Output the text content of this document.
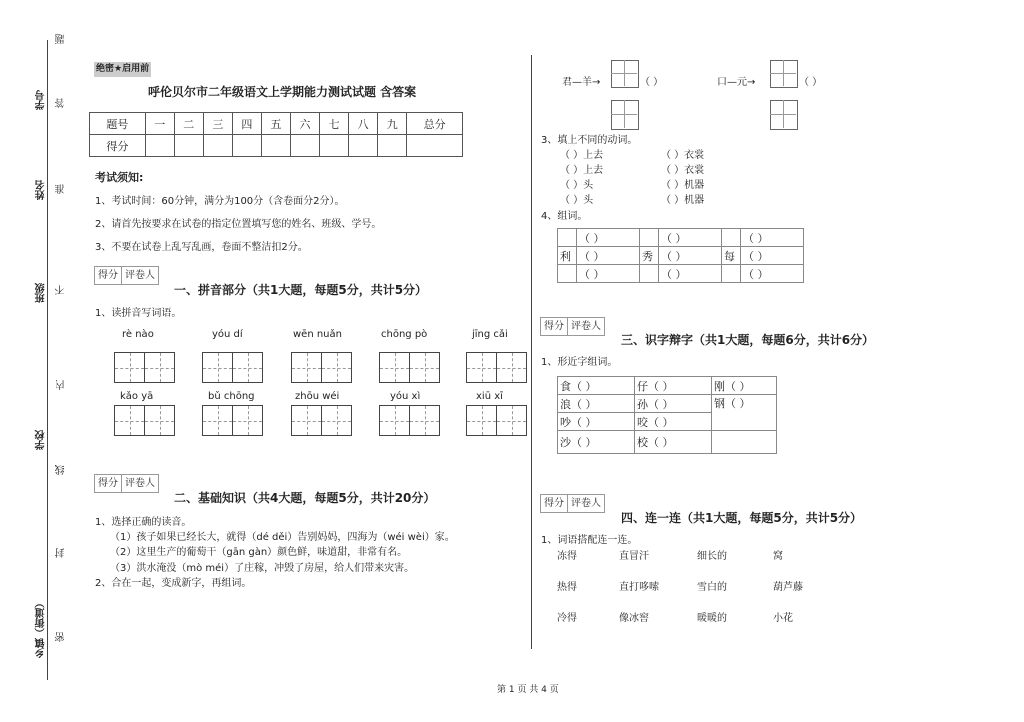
题
学号 答
姓名 准
班级 不
内
学校
线
封
乡镇（街道） 密
绝密★启用前
呼伦贝尔市二年级语文上学期能力测试试题 含答案
题号	一	二	三	四	五	六	七	八	九	总分
得分										
考试须知:
1、考试时间：60分钟，满分为100分（含卷面分2分）。
2、请首先按要求在试卷的指定位置填写您的姓名、班级、学号。
3、不要在试卷上乱写乱画，卷面不整洁扣2分。
得分 评卷人
一、拼音部分（共1大题，每题5分，共计5分）
1、读拼音写词语。
rè nào	yóu dí	wēn nuǎn	chōng pò	jīng cǎi
kǎo yā	bǔ chōng	zhōu wéi	yóu xì	xiū xī
得分 评卷人
二、基础知识（共4大题，每题5分，共计20分）
1、选择正确的读音。
（1）孩子如果已经长大，就得（dé děi）告别妈妈，四海为（wéi wèi）家。
（2）这里生产的葡萄干（gān gàn）颜色鲜，味道甜，非常有名。
（3）洪水淹没（mò méi）了庄稼，冲毁了房屋，给人们带来灾害。
2、合在一起，变成新字，再组词。
君—羊→	（ ）	口—元→	（ ）
3、填上不同的动词。
（ ）上去	（ ）衣裳
（ ）上去	（ ）衣裳
（ ）头	（ ）机器
（ ）头	（ ）机器
4、组词。
	（ ）		（ ）		（ ）
利	（ ）	秀	（ ）	每	（ ）
	（ ）		（ ）		（ ）
得分 评卷人
三、识字辩字（共1大题，每题6分，共计6分）
1、形近字组词。
食（ ）	仔（ ）	刚（ ）
浪（ ）	孙（ ）	钢（ ）
吵（ ）	咬（ ）	
沙（ ）	校（ ）	
得分 评卷人
四、连一连（共1大题，每题5分，共计5分）
1、词语搭配连一连。
冻得	直冒汗	细长的	窝
热得	直打哆嗦	雪白的	葫芦藤
冷得	像冰窖	暖暖的	小花
第 1 页 共 4 页
